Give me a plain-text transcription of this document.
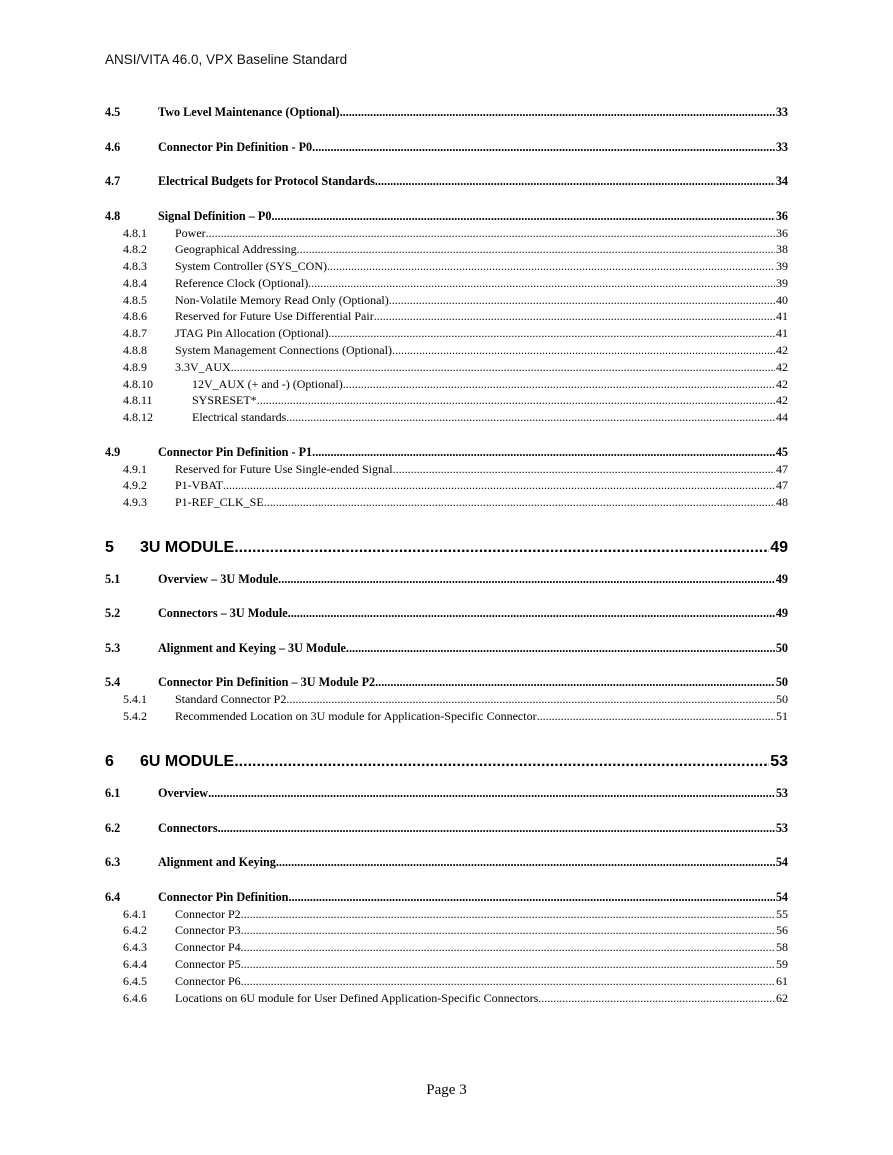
ANSI/VITA 46.0, VPX Baseline Standard
4.5	Two Level Maintenance (Optional) .....	33
4.6	Connector Pin Definition - P0 .....	33
4.7	Electrical Budgets for Protocol Standards .....	34
4.8	Signal Definition – P0 .....	36
4.8.1	Power .....	36
4.8.2	Geographical Addressing .....	38
4.8.3	System Controller (SYS_CON) .....	39
4.8.4	Reference Clock (Optional) .....	39
4.8.5	Non-Volatile Memory Read Only (Optional) .....	40
4.8.6	Reserved for Future Use Differential Pair .....	41
4.8.7	JTAG Pin Allocation (Optional) .....	41
4.8.8	System Management Connections (Optional) .....	42
4.8.9	3.3V_AUX .....	42
4.8.10	12V_AUX (+ and -) (Optional) .....	42
4.8.11	SYSRESET* .....	42
4.8.12	Electrical standards .....	44
4.9	Connector Pin Definition - P1 .....	45
4.9.1	Reserved for Future Use Single-ended Signal .....	47
4.9.2	P1-VBAT .....	47
4.9.3	P1-REF_CLK_SE .....	48
5	3U MODULE .....	49
5.1	Overview – 3U Module .....	49
5.2	Connectors – 3U Module .....	49
5.3	Alignment and Keying – 3U Module .....	50
5.4	Connector Pin Definition – 3U Module P2 .....	50
5.4.1	Standard Connector P2 .....	50
5.4.2	Recommended Location on 3U module for Application-Specific Connector .....	51
6	6U MODULE .....	53
6.1	Overview .....	53
6.2	Connectors .....	53
6.3	Alignment and Keying .....	54
6.4	Connector Pin Definition .....	54
6.4.1	Connector P2 .....	55
6.4.2	Connector P3 .....	56
6.4.3	Connector P4 .....	58
6.4.4	Connector P5 .....	59
6.4.5	Connector P6 .....	61
6.4.6	Locations on 6U module for User Defined Application-Specific Connectors .....	62
Page 3
